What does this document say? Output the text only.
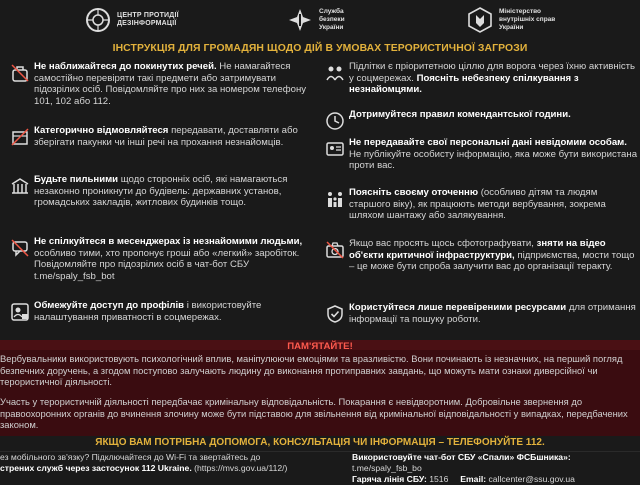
ЦЕНТР ПРОТИДІЇ
ДЕЗІНФОРМАЦІЇ
Служба
безпеки
України
Міністерство
внутрішніх справ
України
ІНСТРУКЦІЯ ДЛЯ ГРОМАДЯН ЩОДО ДІЙ В УМОВАХ ТЕРОРИСТИЧНОЇ ЗАГРОЗИ
Не наближайтеся до покинутих речей. Не намагайтеся самостійно перевіряти такі предмети або затримувати підозрілих осіб. Повідомляйте про них за номером телефону 101, 102 або 112.
Категорично відмовляйтеся передавати, доставляти або зберігати пакунки чи інші речі на прохання незнайомців.
Будьте пильними щодо сторонніх осіб, які намагаються незаконно проникнути до будівель: державних установ, громадських закладів, житлових будинків тощо.
Не спілкуйтеся в месенджерах із незнайомими людьми, особливо тими, хто пропонує гроші або «легкий» заробіток. Повідомляйте про підозрілих осіб в чат-бот СБУ t.me/spaly_fsb_bot
Обмежуйте доступ до профілів і використовуйте налаштування приватності в соцмережах.
Підлітки є пріоритетною ціллю для ворога через їхню активність у соцмережах. Поясніть небезпеку спілкування з незнайомцями.
Дотримуйтеся правил комендантської години.
Не передавайте свої персональні дані невідомим особам. Не публікуйте особисту інформацію, яка може бути використана проти вас.
Поясніть своєму оточенню (особливо дітям та людям старшого віку), як працюють методи вербування, зокрема шляхом шантажу або залякування.
Якщо вас просять щось сфотографувати, зняти на відео об'єкти критичної інфраструктури, підприємства, мости тощо – це може бути спроба залучити вас до організації теракту.
Користуйтеся лише перевіреними ресурсами для отримання інформації та пошуку роботи.
ПАМ'ЯТАЙТЕ!
Вербувальники використовують психологічний вплив, маніпулюючи емоціями та вразливістю. Вони починають із незначних, на перший погляд безпечних доручень, а згодом поступово залучають людину до виконання протиправних завдань, що можуть мати ознаки диверсійної чи терористичної діяльності.
Участь у терористичній діяльності передбачає кримінальну відповідальність. Покарання є невідворотним. Добровільне звернення до правоохоронних органів до вчинення злочину може бути підставою для звільнення від кримінальної відповідальності у випадках, передбачених законом.
ЯКЩО ВАМ ПОТРІБНА ДОПОМОГА, КОНСУЛЬТАЦІЯ ЧИ ІНФОРМАЦІЯ – ТЕЛЕФОНУЙТЕ 112.
ез мобільного зв'язку? Підключайтеся до Wi-Fi та звертайтесь до
стрених служб через застосунок 112 Ukraine. (https://mvs.gov.ua/112/)
Використовуйте чат-бот СБУ «Спали» ФСБшника»: t.me/spaly_fsb_bo
Гаряча лінія СБУ: 1516     Email: callcenter@ssu.gov.ua
